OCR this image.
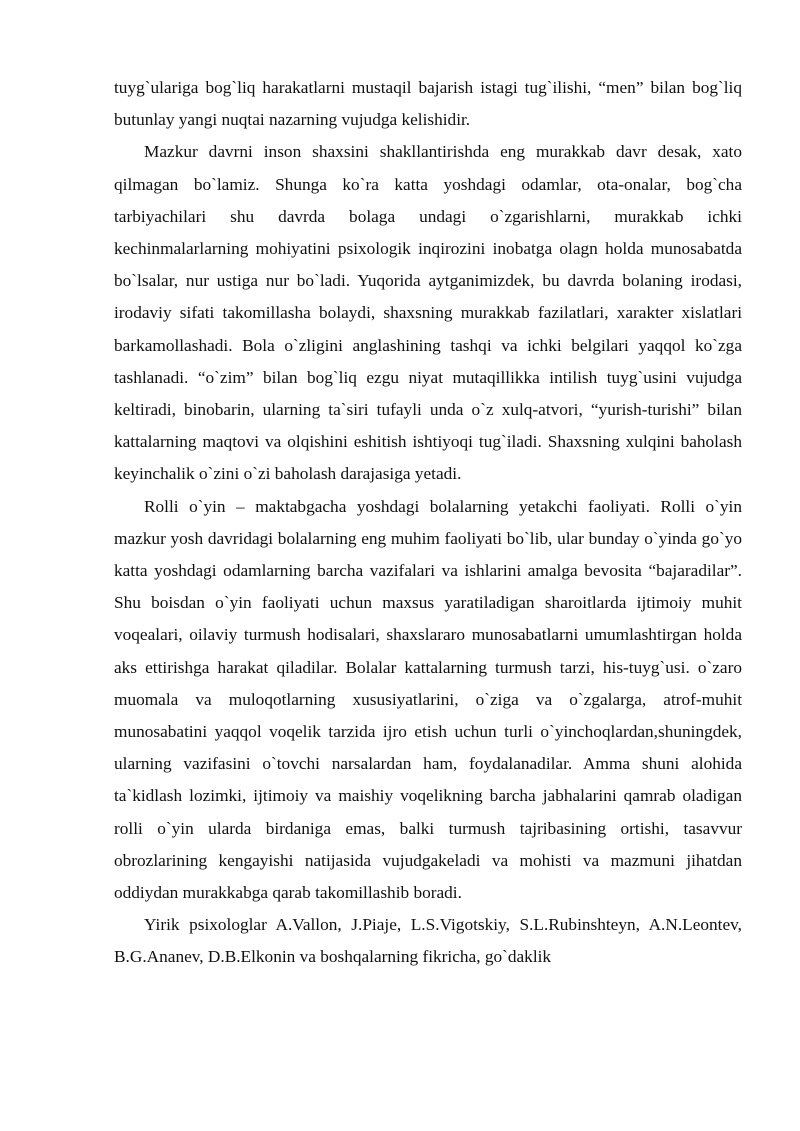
tuyg`ulariga bog`liq harakatlarni mustaqil bajarish istagi tug`ilishi, “men” bilan bog`liq butunlay yangi nuqtai nazarning vujudga kelishidir.

Mazkur davrni inson shaxsini shakllantirishda eng murakkab davr desak, xato qilmagan bo`lamiz. Shunga ko`ra katta yoshdagi odamlar, ota-onalar, bog`cha tarbiyachilari shu davrda bolaga undagi o`zgarishlarni, murakkab ichki kechinmalarlarning mohiyatini psixologik inqirozini inobatga olagn holda munosabatda bo`lsalar, nur ustiga nur bo`ladi. Yuqorida aytganimizdek, bu davrda bolaning irodasi, irodaviy sifati takomillasha bolaydi, shaxsning murakkab fazilatlari, xarakter xislatlari barkamollashadi. Bola o`zligini anglashining tashqi va ichki belgilari yaqqol ko`zga tashlanadi. “o`zim” bilan bog`liq ezgu niyat mutaqillikka intilish tuyg`usini vujudga keltiradi, binobarin, ularning ta`siri tufayli unda o`z xulq-atvori, “yurish-turishi” bilan kattalarning maqtovi va olqishini eshitish ishtiyoqi tug`iladi. Shaxsning xulqini baholash keyinchalik o`zini o`zi baholash darajasiga yetadi.

Rolli o`yin – maktabgacha yoshdagi bolalarning yetakchi faoliyati. Rolli o`yin mazkur yosh davridagi bolalarning eng muhim faoliyati bo`lib, ular bunday o`yinda go`yo katta yoshdagi odamlarning barcha vazifalari va ishlarini amalga bevosita “bajaradilar”. Shu boisdan o`yin faoliyati uchun maxsus yaratiladigan sharoitlarda ijtimoiy muhit voqealari, oilaviy turmush hodisalari, shaxslararo munosabatlarni umumlashtirgan holda aks ettirishga harakat qiladilar. Bolalar kattalarning turmush tarzi, his-tuyg`usi. o`zaro muomala va muloqotlarning xususiyatlarini, o`ziga va o`zgalarga, atrof-muhit munosabatini yaqqol voqelik tarzida ijro etish uchun turli o`yinchoqlardan,shuningdek, ularning vazifasini o`tovchi narsalardan ham, foydalanadilar. Amma shuni alohida ta`kidlash lozimki, ijtimoiy va maishiy voqelikning barcha jabhalarini qamrab oladigan rolli o`yin ularda birdaniga emas, balki turmush tajribasining ortishi, tasavvur obrozlarining kengayishi natijasida vujudgakeladi va mohisti va mazmuni jihatdan oddiydan murakkabga qarab takomillashib boradi.

Yirik psixologlar A.Vallon, J.Piaje, L.S.Vigotskiy, S.L.Rubinshteyn, A.N.Leontev, B.G.Ananev, D.B.Elkonin va boshqalarning fikricha, go`daklik
